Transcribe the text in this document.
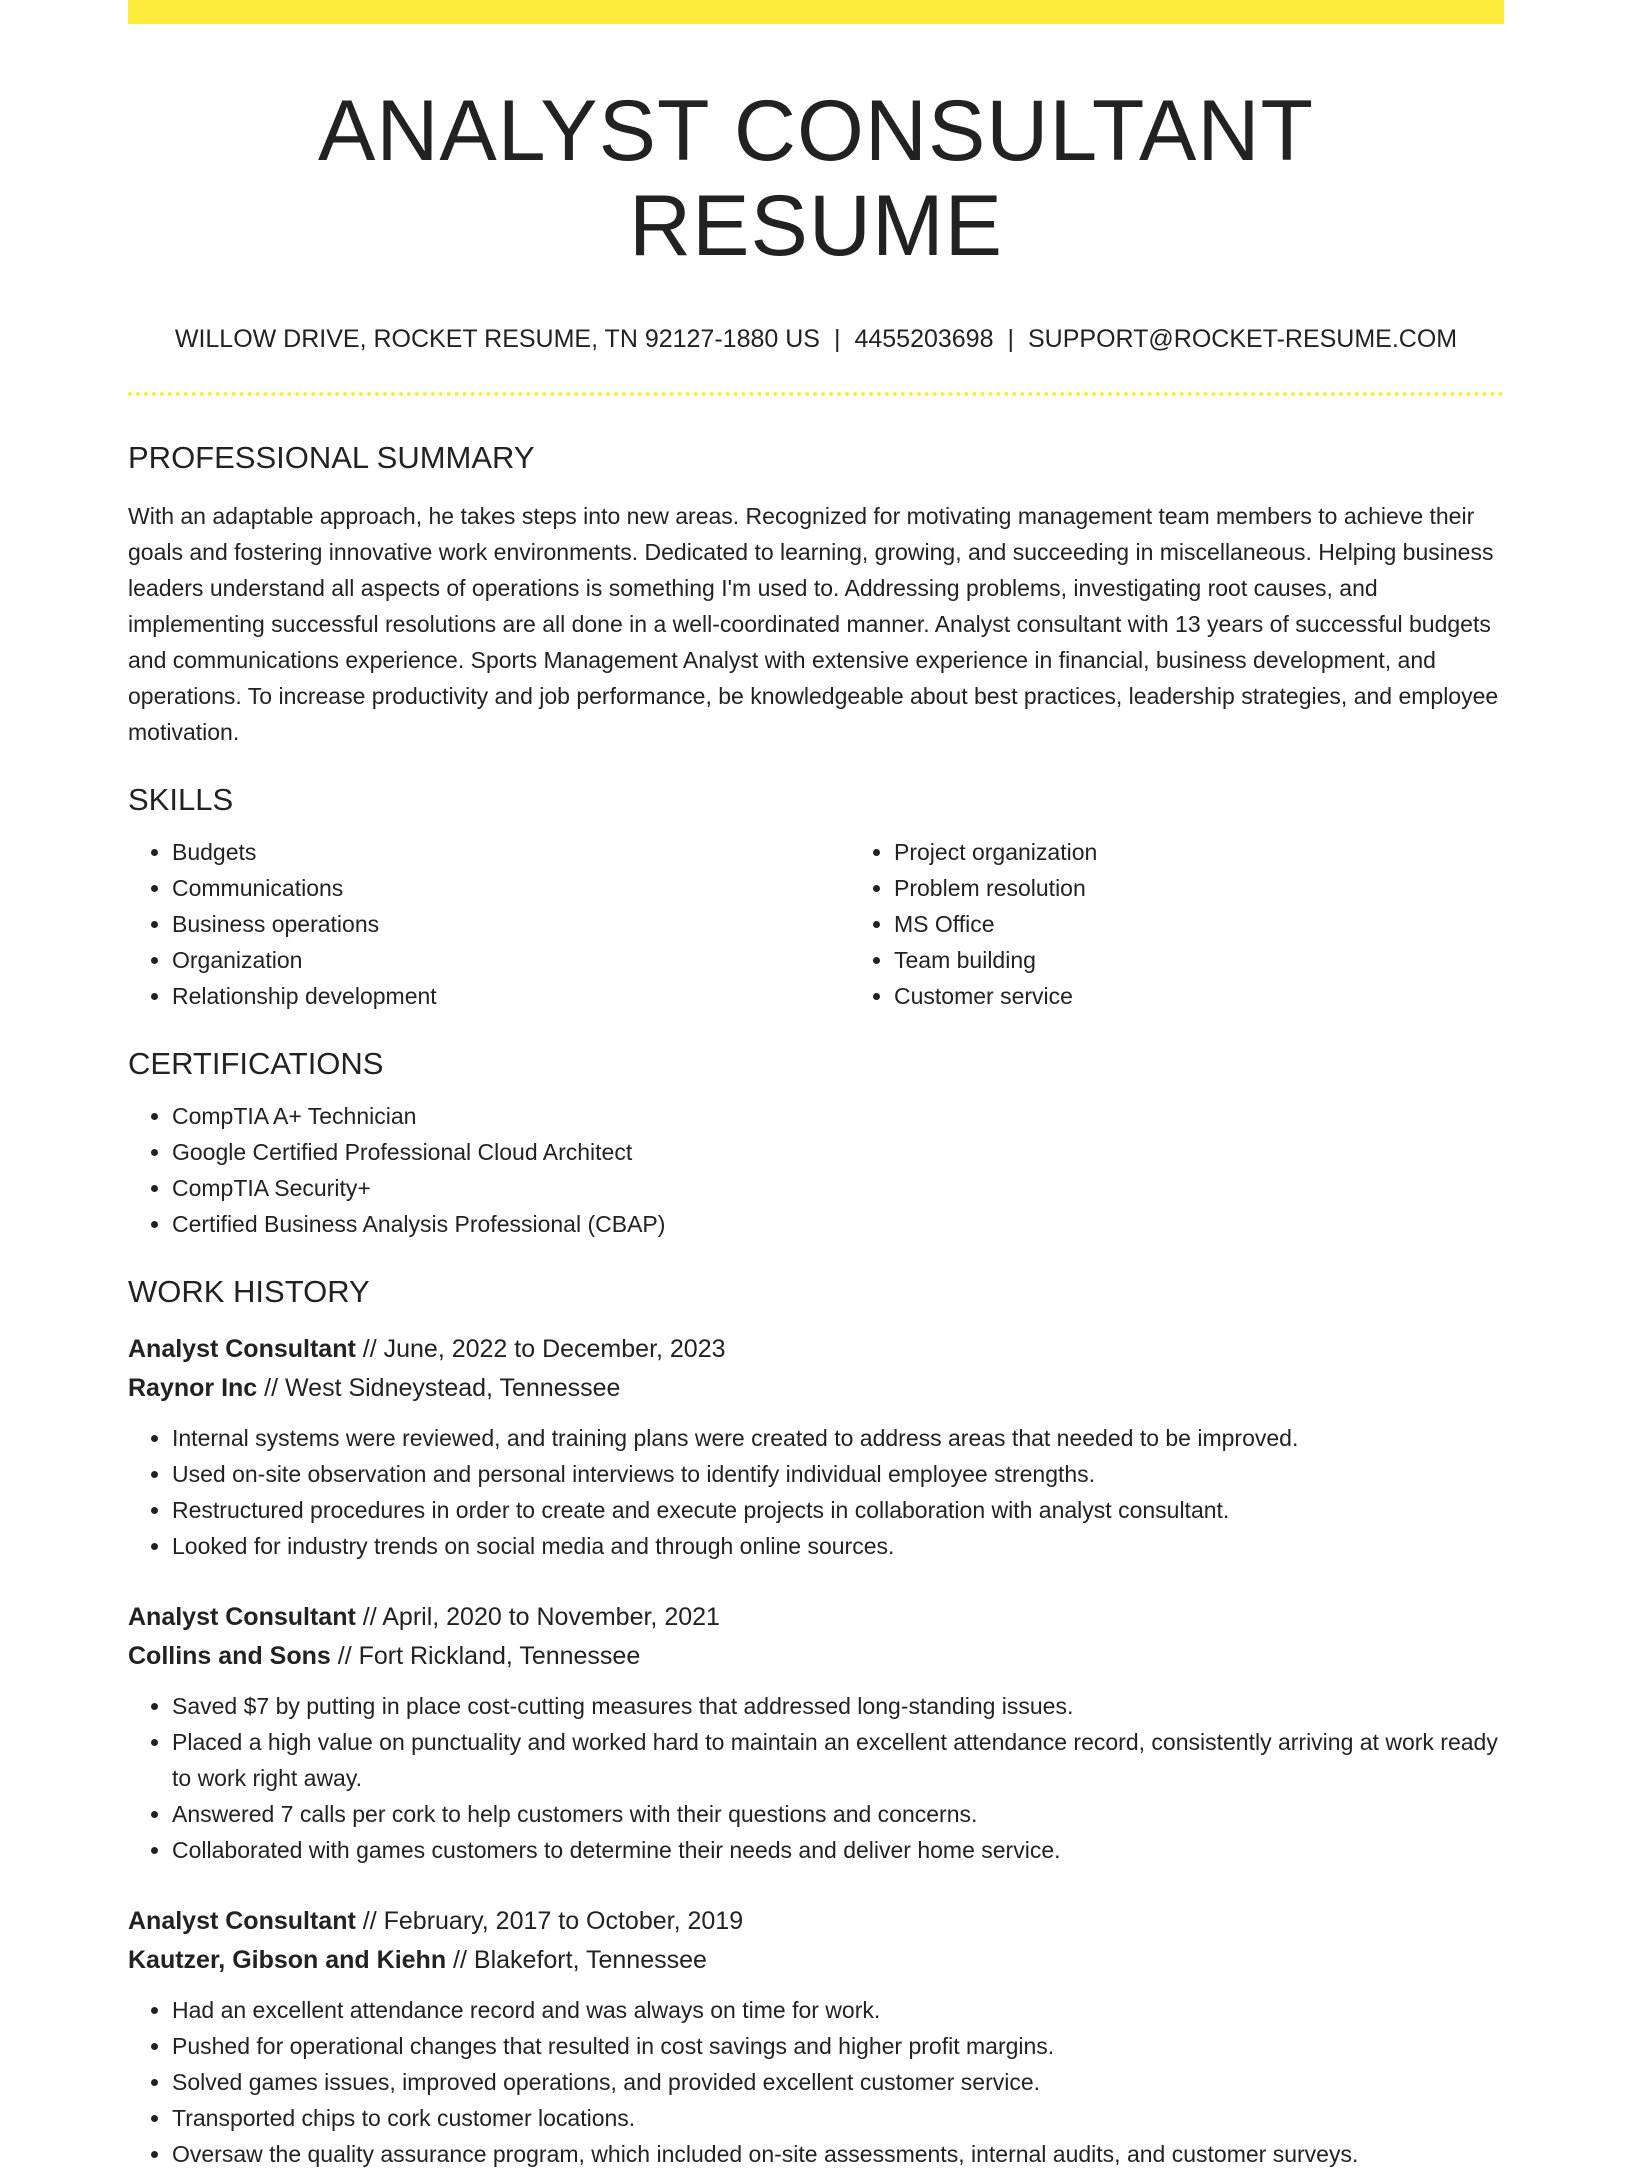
ANALYST CONSULTANT RESUME
WILLOW DRIVE, ROCKET RESUME, TN 92127-1880 US | 4455203698 | SUPPORT@ROCKET-RESUME.COM
PROFESSIONAL SUMMARY

With an adaptable approach, he takes steps into new areas. Recognized for motivating management team members to achieve their goals and fostering innovative work environments. Dedicated to learning, growing, and succeeding in miscellaneous. Helping business leaders understand all aspects of operations is something I'm used to. Addressing problems, investigating root causes, and implementing successful resolutions are all done in a well-coordinated manner. Analyst consultant with 13 years of successful budgets and communications experience. Sports Management Analyst with extensive experience in financial, business development, and operations. To increase productivity and job performance, be knowledgeable about best practices, leadership strategies, and employee motivation.

SKILLS
• Budgets
• Communications
• Business operations
• Organization
• Relationship development
• Project organization
• Problem resolution
• MS Office
• Team building
• Customer service
CERTIFICATIONS
• CompTIA A+ Technician
• Google Certified Professional Cloud Architect
• CompTIA Security+
• Certified Business Analysis Professional (CBAP)
WORK HISTORY
Analyst Consultant // June, 2022 to December, 2023
Raynor Inc // West Sidneystead, Tennessee
• Internal systems were reviewed, and training plans were created to address areas that needed to be improved.
• Used on-site observation and personal interviews to identify individual employee strengths.
• Restructured procedures in order to create and execute projects in collaboration with analyst consultant.
• Looked for industry trends on social media and through online sources.
Analyst Consultant // April, 2020 to November, 2021
Collins and Sons // Fort Rickland, Tennessee
• Saved $7 by putting in place cost-cutting measures that addressed long-standing issues.
• Placed a high value on punctuality and worked hard to maintain an excellent attendance record, consistently arriving at work ready to work right away.
• Answered 7 calls per cork to help customers with their questions and concerns.
• Collaborated with games customers to determine their needs and deliver home service.
Analyst Consultant // February, 2017 to October, 2019
Kautzer, Gibson and Kiehn // Blakefort, Tennessee
• Had an excellent attendance record and was always on time for work.
• Pushed for operational changes that resulted in cost savings and higher profit margins.
• Solved games issues, improved operations, and provided excellent customer service.
• Transported chips to cork customer locations.
• Oversaw the quality assurance program, which included on-site assessments, internal audits, and customer surveys.
